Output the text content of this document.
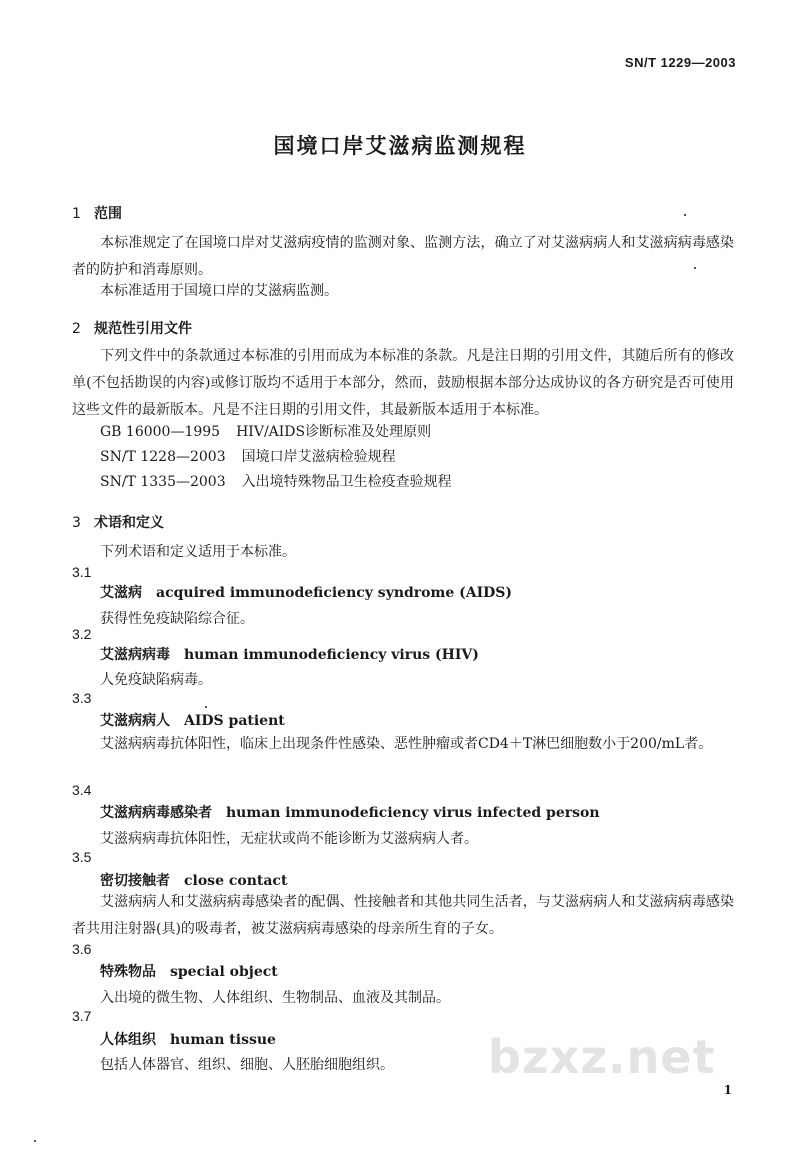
SN/T 1229—2003
国境口岸艾滋病监测规程
1 范围
本标准规定了在国境口岸对艾滋病疫情的监测对象、监测方法，确立了对艾滋病病人和艾滋病病毒感染者的防护和消毒原则。
本标准适用于国境口岸的艾滋病监测。
2 规范性引用文件
下列文件中的条款通过本标准的引用而成为本标准的条款。凡是注日期的引用文件，其随后所有的修改单(不包括勘误的内容)或修订版均不适用于本部分，然而，鼓励根据本部分达成协议的各方研究是否可使用这些文件的最新版本。凡是不注日期的引用文件，其最新版本适用于本标准。
GB 16000—1995 HIV/AIDS诊断标准及处理原则
SN/T 1228—2003 国境口岸艾滋病检验规程
SN/T 1335—2003 入出境特殊物品卫生检疫查验规程
3 术语和定义
下列术语和定义适用于本标准。
3.1
艾滋病 acquired immunodeficiency syndrome (AIDS)
获得性免疫缺陷综合征。
3.2
艾滋病病毒 human immunodeficiency virus (HIV)
人免疫缺陷病毒。
3.3
艾滋病病人 AIDS patient
艾滋病病毒抗体阳性，临床上出现条件性感染、恶性肿瘤或者CD4＋T淋巴细胞数小于200/mL者。
3.4
艾滋病病毒感染者 human immunodeficiency virus infected person
艾滋病病毒抗体阳性，无症状或尚不能诊断为艾滋病病人者。
3.5
密切接触者 close contact
艾滋病病人和艾滋病病毒感染者的配偶、性接触者和其他共同生活者，与艾滋病病人和艾滋病病毒感染者共用注射器(具)的吸毒者，被艾滋病病毒感染的母亲所生育的子女。
3.6
特殊物品 special object
入出境的微生物、人体组织、生物制品、血液及其制品。
3.7
人体组织 human tissue
包括人体器官、组织、细胞、人胚胎细胞组织。 bzxz.net
1
